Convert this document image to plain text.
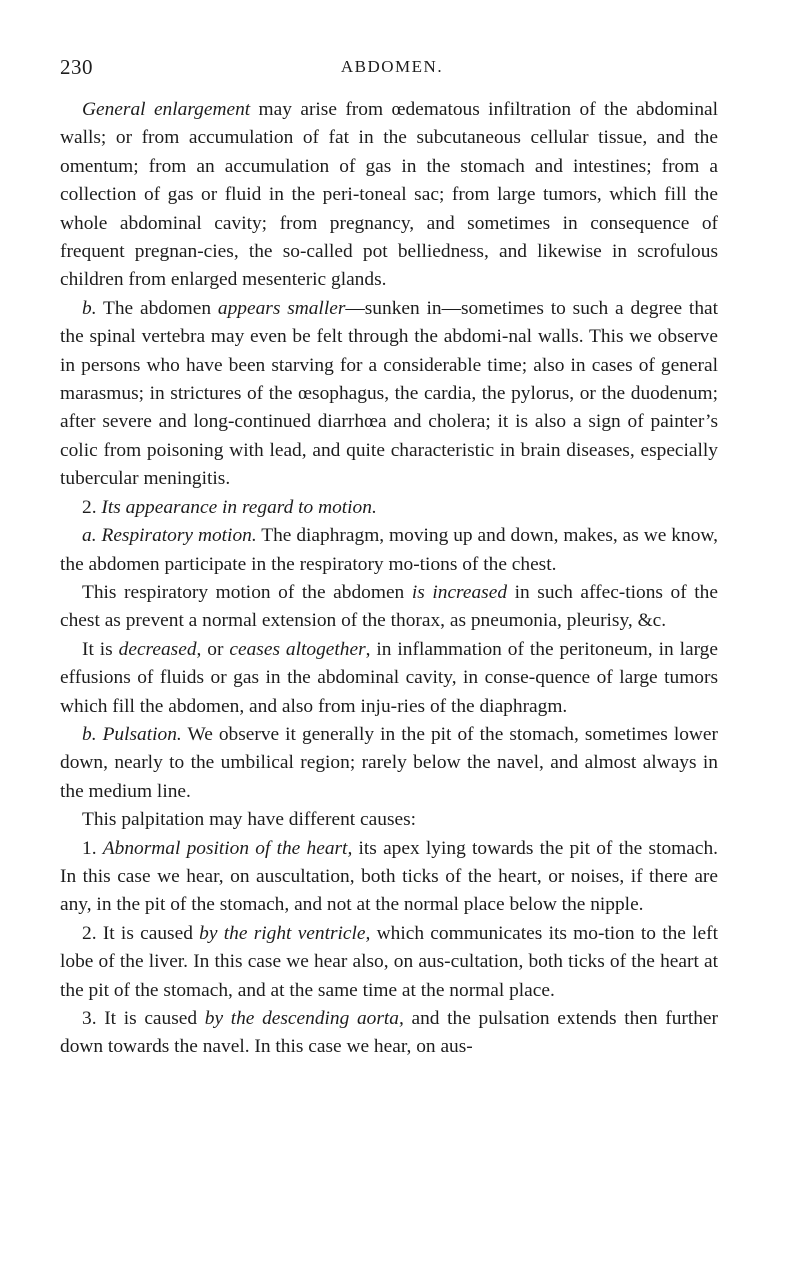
230	ABDOMEN.

General enlargement may arise from œdematous infiltration of the abdominal walls; or from accumulation of fat in the subcutaneous cellular tissue, and the omentum; from an accumulation of gas in the stomach and intestines; from a collection of gas or fluid in the peri-toneal sac; from large tumors, which fill the whole abdominal cavity; from pregnancy, and sometimes in consequence of frequent pregnan-cies, the so-called pot belliedness, and likewise in scrofulous children from enlarged mesenteric glands.

b. The abdomen appears smaller—sunken in—sometimes to such a degree that the spinal vertebra may even be felt through the abdomi-nal walls. This we observe in persons who have been starving for a considerable time; also in cases of general marasmus; in strictures of the œsophagus, the cardia, the pylorus, or the duodenum; after severe and long-continued diarrhœa and cholera; it is also a sign of painter’s colic from poisoning with lead, and quite characteristic in brain diseases, especially tubercular meningitis.

2. Its appearance in regard to motion.

a. Respiratory motion. The diaphragm, moving up and down, makes, as we know, the abdomen participate in the respiratory mo-tions of the chest.

This respiratory motion of the abdomen is increased in such affec-tions of the chest as prevent a normal extension of the thorax, as pneumonia, pleurisy, &c.

It is decreased, or ceases altogether, in inflammation of the peritoneum, in large effusions of fluids or gas in the abdominal cavity, in conse-quence of large tumors which fill the abdomen, and also from inju-ries of the diaphragm.

b. Pulsation. We observe it generally in the pit of the stomach, sometimes lower down, nearly to the umbilical region; rarely below the navel, and almost always in the medium line.

This palpitation may have different causes:

1. Abnormal position of the heart, its apex lying towards the pit of the stomach. In this case we hear, on auscultation, both ticks of the heart, or noises, if there are any, in the pit of the stomach, and not at the normal place below the nipple.

2. It is caused by the right ventricle, which communicates its mo-tion to the left lobe of the liver. In this case we hear also, on aus-cultation, both ticks of the heart at the pit of the stomach, and at the same time at the normal place.

3. It is caused by the descending aorta, and the pulsation extends then further down towards the navel. In this case we hear, on aus-
